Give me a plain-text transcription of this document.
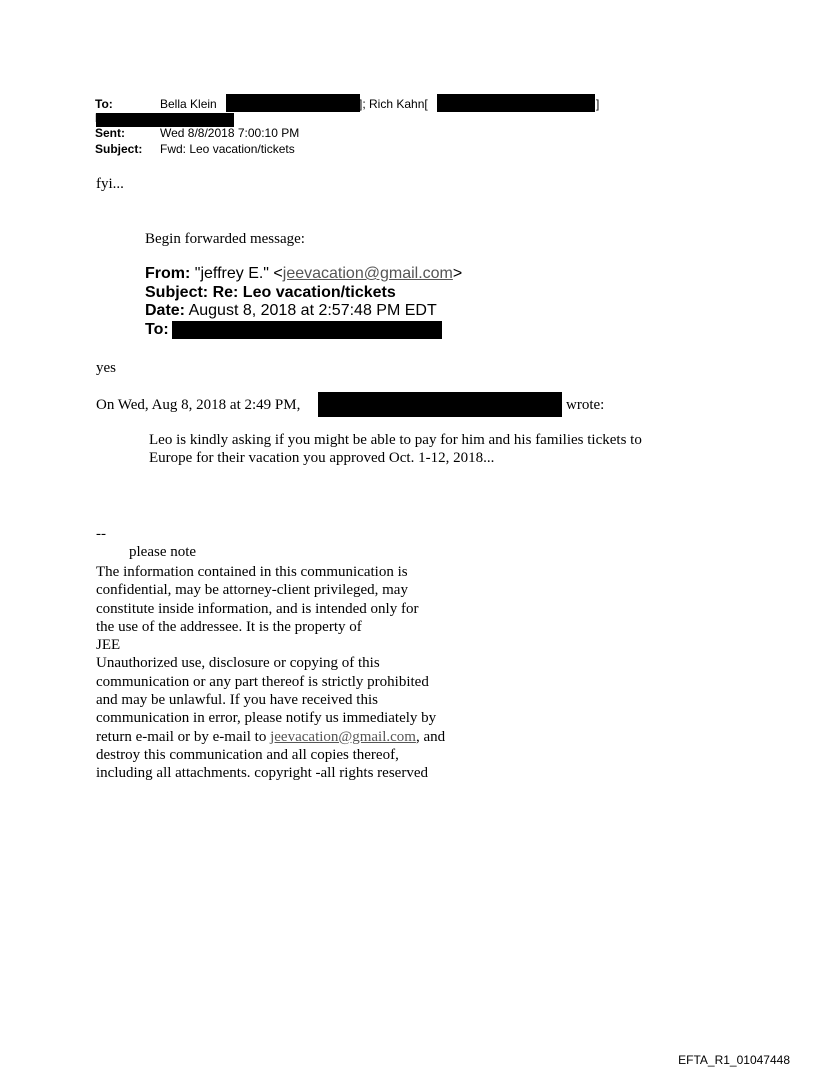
To:	Bella Klein	]; Rich Kahn[	]
Sent:	Wed 8/8/2018 7:00:10 PM
Subject: Fwd: Leo vacation/tickets
fyi...
Begin forwarded message:
From: "jeffrey E." <jeevacation@gmail.com>
Subject: Re: Leo vacation/tickets
Date: August 8, 2018 at 2:57:48 PM EDT
To:
yes
On Wed, Aug 8, 2018 at 2:49 PM,	wrote:
Leo is kindly asking if you might be able to pay for him and his families tickets to
Europe for their vacation you approved Oct. 1-12, 2018...
--
please note
The information contained in this communication is
confidential, may be attorney-client privileged, may
constitute inside information, and is intended only for
the use of the addressee. It is the property of
JEE
Unauthorized use, disclosure or copying of this
communication or any part thereof is strictly prohibited
and may be unlawful. If you have received this
communication in error, please notify us immediately by
return e-mail or by e-mail to jeevacation@gmail.com, and
destroy this communication and all copies thereof,
including all attachments. copyright -all rights reserved
EFTA_R1_01047448
